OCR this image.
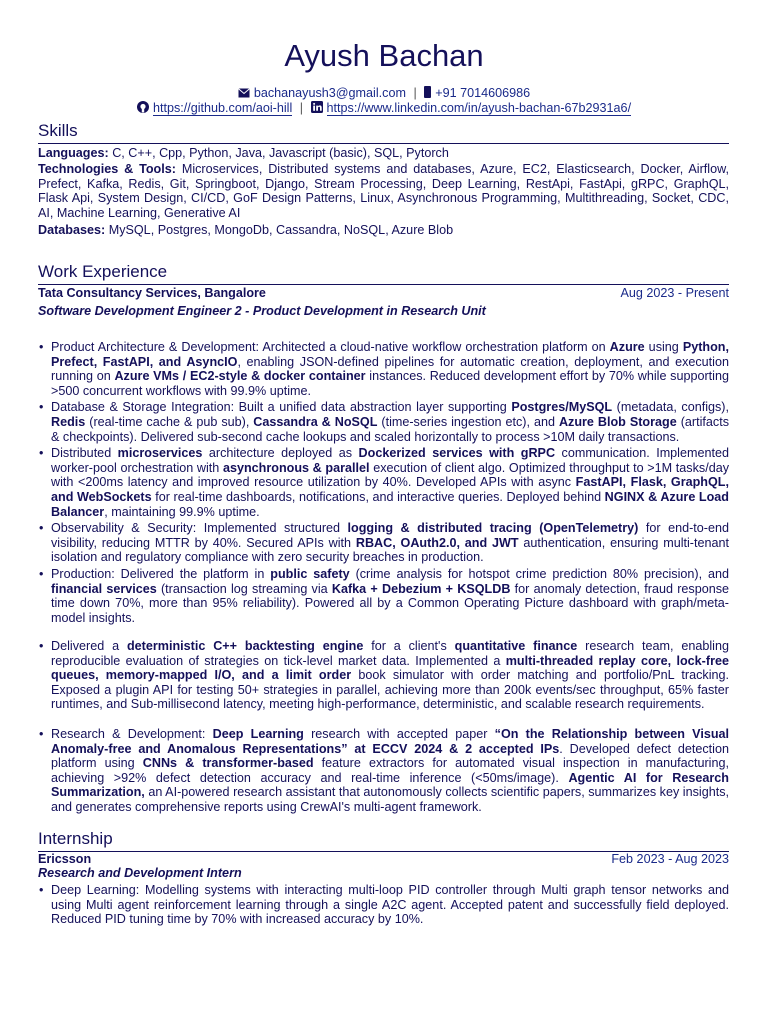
Ayush Bachan
bachanayush3@gmail.com | +91 7014606986
https://github.com/aoi-hill | https://www.linkedin.com/in/ayush-bachan-67b2931a6/
Skills
Languages: C, C++, Cpp, Python, Java, Javascript (basic), SQL, Pytorch
Technologies & Tools: Microservices, Distributed systems and databases, Azure, EC2, Elasticsearch, Docker, Airflow, Prefect, Kafka, Redis, Git, Springboot, Django, Stream Processing, Deep Learning, RestApi, FastApi, gRPC, GraphQL, Flask Api, System Design, CI/CD, GoF Design Patterns, Linux, Asynchronous Programming, Multithreading, Socket, CDC, AI, Machine Learning, Generative AI
Databases: MySQL, Postgres, MongoDb, Cassandra, NoSQL, Azure Blob
Work Experience
Tata Consultancy Services, Bangalore	Aug 2023 - Present
Software Development Engineer 2 - Product Development in Research Unit
• Product Architecture & Development: Architected a cloud-native workflow orchestration platform on Azure using Python, Prefect, FastAPI, and AsyncIO, enabling JSON-defined pipelines for automatic creation, deployment, and execution running on Azure VMs / EC2-style & docker container instances. Reduced development effort by 70% while supporting >500 concurrent workflows with 99.9% uptime.
• Database & Storage Integration: Built a unified data abstraction layer supporting Postgres/MySQL (metadata, configs), Redis (real-time cache & pub sub), Cassandra & NoSQL (time-series ingestion etc), and Azure Blob Storage (artifacts & checkpoints). Delivered sub-second cache lookups and scaled horizontally to process >10M daily transactions.
• Distributed microservices architecture deployed as Dockerized services with gRPC communication. Implemented worker-pool orchestration with asynchronous & parallel execution of client algo. Optimized throughput to >1M tasks/day with <200ms latency and improved resource utilization by 40%. Developed APIs with async FastAPI, Flask, GraphQL, and WebSockets for real-time dashboards, notifications, and interactive queries. Deployed behind NGINX & Azure Load Balancer, maintaining 99.9% uptime.
• Observability & Security: Implemented structured logging & distributed tracing (OpenTelemetry) for end-to-end visibility, reducing MTTR by 40%. Secured APIs with RBAC, OAuth2.0, and JWT authentication, ensuring multi-tenant isolation and regulatory compliance with zero security breaches in production.
• Production: Delivered the platform in public safety (crime analysis for hotspot crime prediction 80% precision), and financial services (transaction log streaming via Kafka + Debezium + KSQLDB for anomaly detection, fraud response time down 70%, more than 95% reliability). Powered all by a Common Operating Picture dashboard with graph/meta-model insights.
• Delivered a deterministic C++ backtesting engine for a client's quantitative finance research team, enabling reproducible evaluation of strategies on tick-level market data. Implemented a multi-threaded replay core, lock-free queues, memory-mapped I/O, and a limit order book simulator with order matching and portfolio/PnL tracking. Exposed a plugin API for testing 50+ strategies in parallel, achieving more than 200k events/sec throughput, 65% faster runtimes, and Sub-millisecond latency, meeting high-performance, deterministic, and scalable research requirements.
• Research & Development: Deep Learning research with accepted paper “On the Relationship between Visual Anomaly-free and Anomalous Representations” at ECCV 2024 & 2 accepted IPs. Developed defect detection platform using CNNs & transformer-based feature extractors for automated visual inspection in manufacturing, achieving >92% defect detection accuracy and real-time inference (<50ms/image). Agentic AI for Research Summarization, an AI-powered research assistant that autonomously collects scientific papers, summarizes key insights, and generates comprehensive reports using CrewAI's multi-agent framework.
Internship
Ericsson	Feb 2023 - Aug 2023
Research and Development Intern
• Deep Learning: Modelling systems with interacting multi-loop PID controller through Multi graph tensor networks and using Multi agent reinforcement learning through a single A2C agent. Accepted patent and successfully field deployed. Reduced PID tuning time by 70% with increased accuracy by 10%.
